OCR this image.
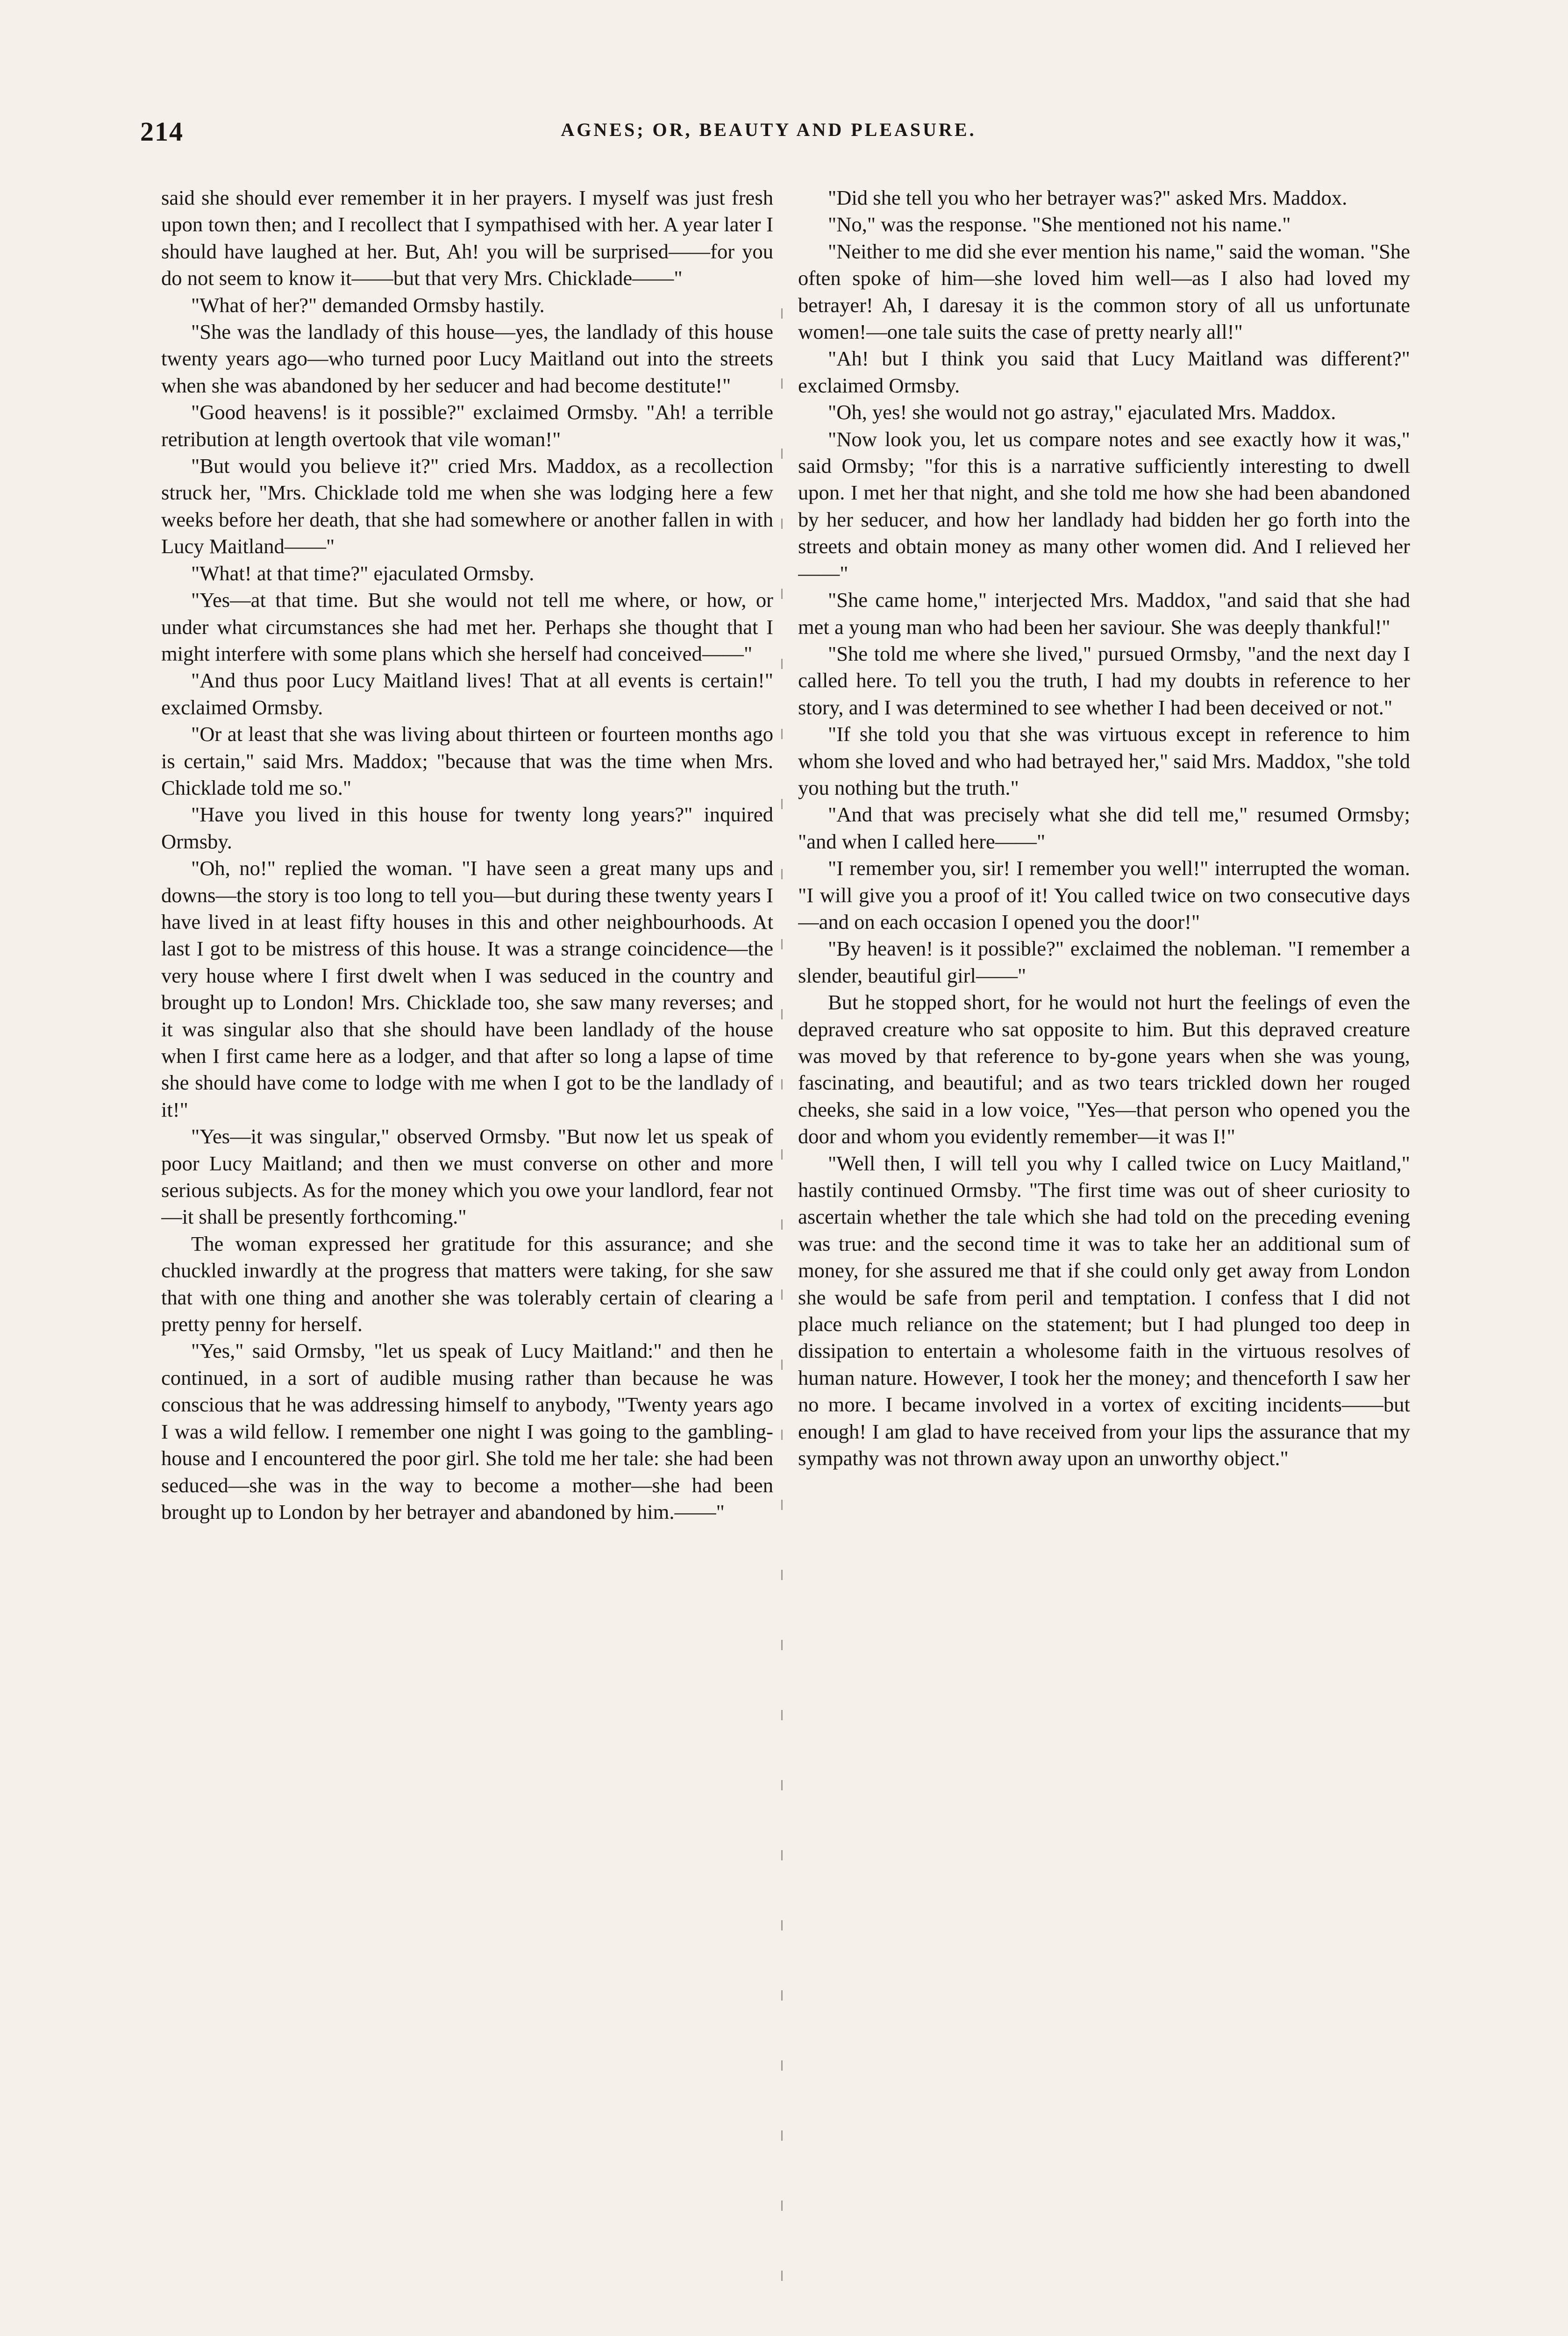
214	AGNES; OR, BEAUTY AND PLEASURE.

said she should ever remember it in her prayers. I myself was just fresh upon town then; and I recollect that I sympathised with her. A year later I should have laughed at her. But, Ah! you will be surprised——for you do not seem to know it——but that very Mrs. Chicklade——"

"What of her?" demanded Ormsby hastily.

"She was the landlady of this house—yes, the landlady of this house twenty years ago—who turned poor Lucy Maitland out into the streets when she was abandoned by her seducer and had become destitute!"

"Good heavens! is it possible?" exclaimed Ormsby. "Ah! a terrible retribution at length overtook that vile woman!"

"But would you believe it?" cried Mrs. Maddox, as a recollection struck her, "Mrs. Chicklade told me when she was lodging here a few weeks before her death, that she had somewhere or another fallen in with Lucy Maitland——"

"What! at that time?" ejaculated Ormsby.

"Yes—at that time. But she would not tell me where, or how, or under what circumstances she had met her. Perhaps she thought that I might interfere with some plans which she herself had conceived——"

"And thus poor Lucy Maitland lives! That at all events is certain!" exclaimed Ormsby.

"Or at least that she was living about thirteen or fourteen months ago is certain," said Mrs. Maddox; "because that was the time when Mrs. Chicklade told me so."

"Have you lived in this house for twenty long years?" inquired Ormsby.

"Oh, no!" replied the woman. "I have seen a great many ups and downs—the story is too long to tell you—but during these twenty years I have lived in at least fifty houses in this and other neighbourhoods. At last I got to be mistress of this house. It was a strange coincidence—the very house where I first dwelt when I was seduced in the country and brought up to London! Mrs. Chicklade too, she saw many reverses; and it was singular also that she should have been landlady of the house when I first came here as a lodger, and that after so long a lapse of time she should have come to lodge with me when I got to be the landlady of it!"

"Yes—it was singular," observed Ormsby. "But now let us speak of poor Lucy Maitland; and then we must converse on other and more serious subjects. As for the money which you owe your landlord, fear not—it shall be presently forthcoming."

The woman expressed her gratitude for this assurance; and she chuckled inwardly at the progress that matters were taking, for she saw that with one thing and another she was tolerably certain of clearing a pretty penny for herself.

"Yes," said Ormsby, "let us speak of Lucy Maitland:" and then he continued, in a sort of audible musing rather than because he was conscious that he was addressing himself to anybody, "Twenty years ago I was a wild fellow. I remember one night I was going to the gambling-house and I encountered the poor girl. She told me her tale: she had been seduced—she was in the way to become a mother—she had been brought up to London by her betrayer and abandoned by him.——"

"Did she tell you who her betrayer was?" asked Mrs. Maddox.

"No," was the response. "She mentioned not his name."

"Neither to me did she ever mention his name," said the woman. "She often spoke of him—she loved him well—as I also had loved my betrayer! Ah, I daresay it is the common story of all us unfortunate women!—one tale suits the case of pretty nearly all!"

"Ah! but I think you said that Lucy Maitland was different?" exclaimed Ormsby.

"Oh, yes! she would not go astray," ejaculated Mrs. Maddox.

"Now look you, let us compare notes and see exactly how it was," said Ormsby; "for this is a narrative sufficiently interesting to dwell upon. I met her that night, and she told me how she had been abandoned by her seducer, and how her landlady had bidden her go forth into the streets and obtain money as many other women did. And I relieved her——"

"She came home," interjected Mrs. Maddox, "and said that she had met a young man who had been her saviour. She was deeply thankful!"

"She told me where she lived," pursued Ormsby, "and the next day I called here. To tell you the truth, I had my doubts in reference to her story, and I was determined to see whether I had been deceived or not."

"If she told you that she was virtuous except in reference to him whom she loved and who had betrayed her," said Mrs. Maddox, "she told you nothing but the truth."

"And that was precisely what she did tell me," resumed Ormsby; "and when I called here——"

"I remember you, sir! I remember you well!" interrupted the woman. "I will give you a proof of it! You called twice on two consecutive days—and on each occasion I opened you the door!"

"By heaven! is it possible?" exclaimed the nobleman. "I remember a slender, beautiful girl——"

But he stopped short, for he would not hurt the feelings of even the depraved creature who sat opposite to him. But this depraved creature was moved by that reference to by-gone years when she was young, fascinating, and beautiful; and as two tears trickled down her rouged cheeks, she said in a low voice, "Yes—that person who opened you the door and whom you evidently remember—it was I!"

"Well then, I will tell you why I called twice on Lucy Maitland," hastily continued Ormsby. "The first time was out of sheer curiosity to ascertain whether the tale which she had told on the preceding evening was true: and the second time it was to take her an additional sum of money, for she assured me that if she could only get away from London she would be safe from peril and temptation. I confess that I did not place much reliance on the statement; but I had plunged too deep in dissipation to entertain a wholesome faith in the virtuous resolves of human nature. However, I took her the money; and thenceforth I saw her no more. I became involved in a vortex of exciting incidents——but enough! I am glad to have received from your lips the assurance that my sympathy was not thrown away upon an unworthy object."
